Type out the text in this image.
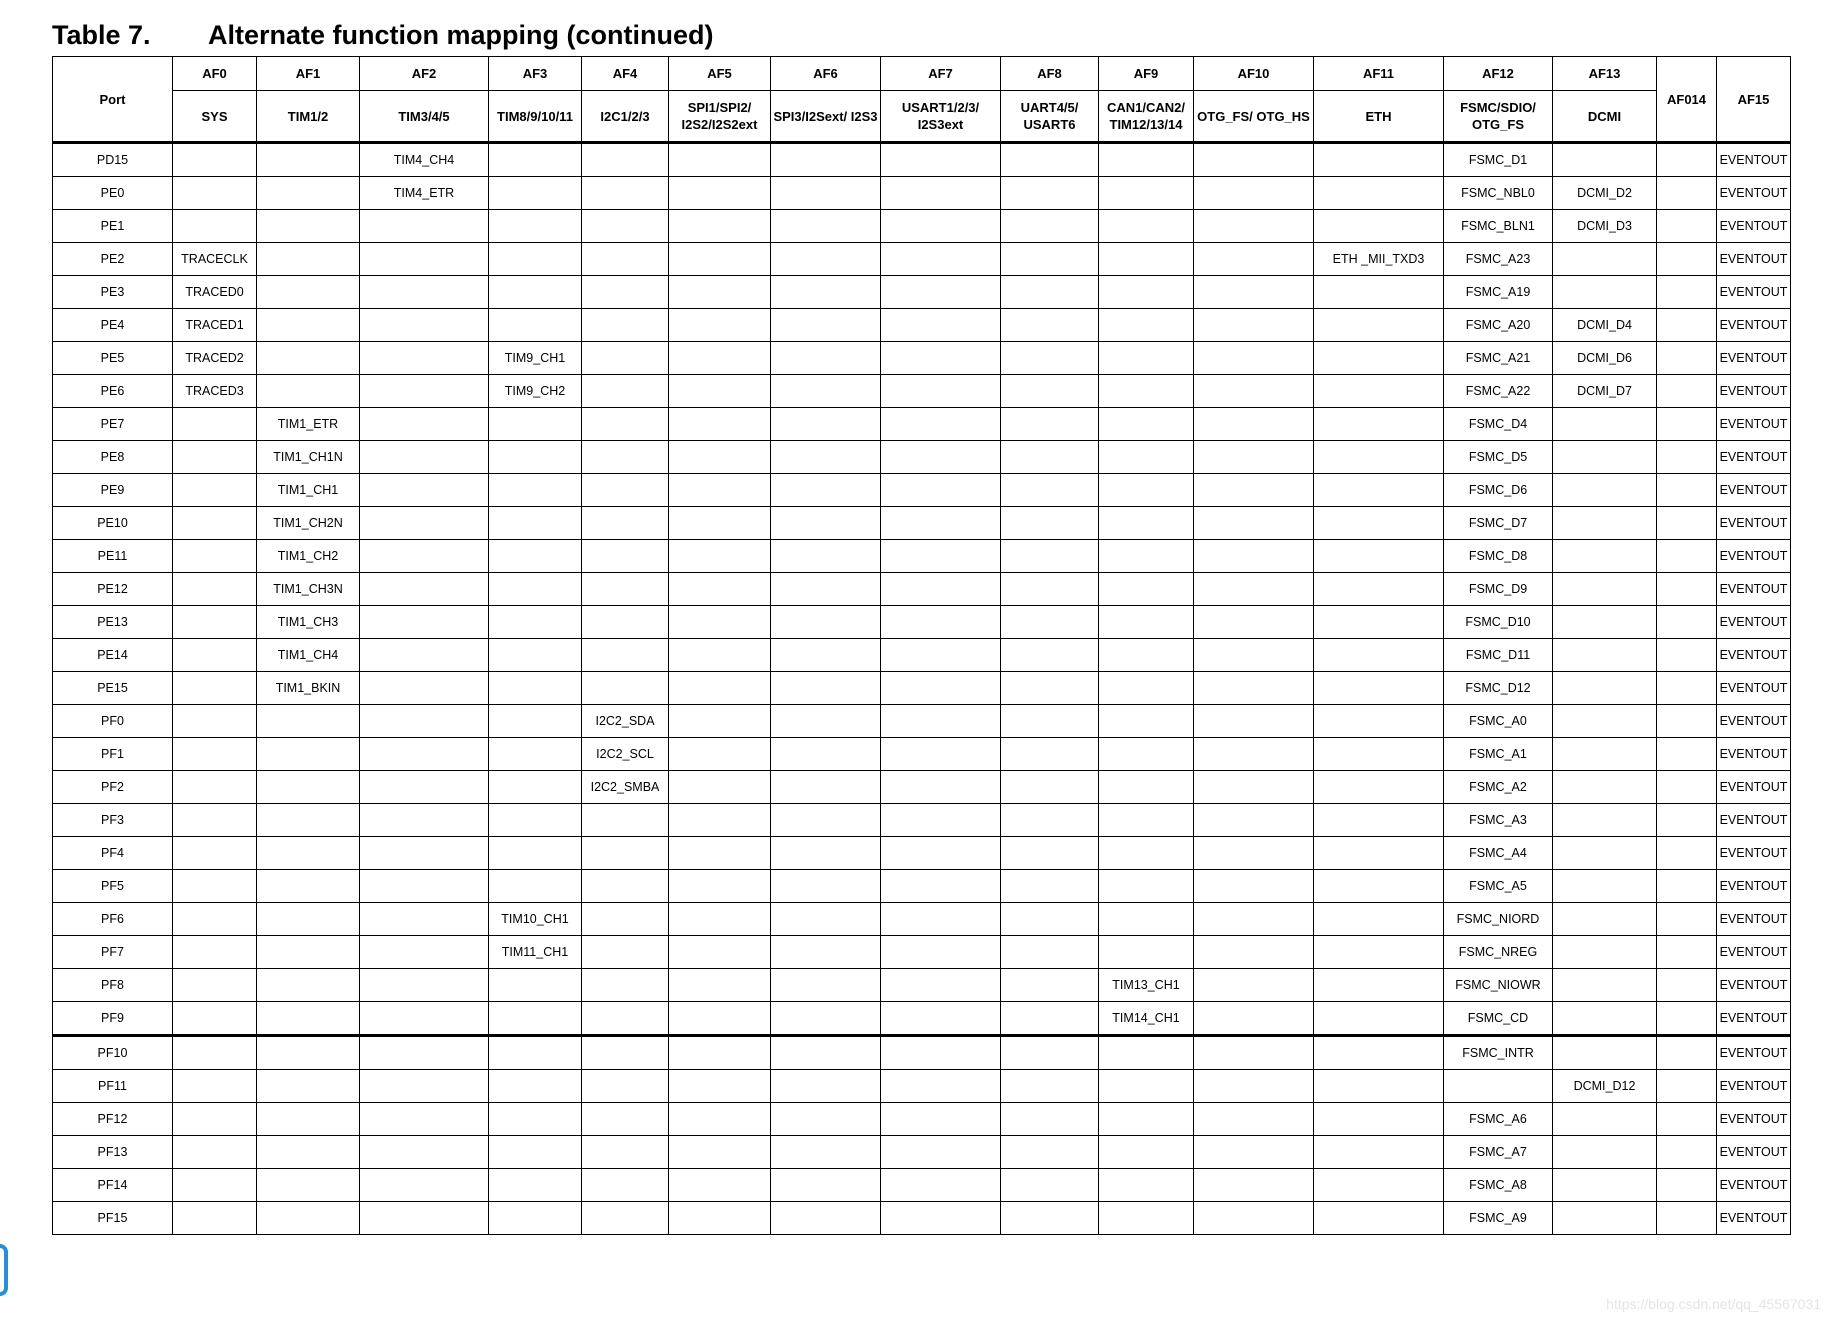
Table 7. Alternate function mapping (continued)
Port	AF0	AF1	AF2	AF3	AF4	AF5	AF6	AF7	AF8	AF9	AF10	AF11	AF12	AF13	AF014	AF15
	SYS	TIM1/2	TIM3/4/5	TIM8/9/10/11	I2C1/2/3	SPI1/SPI2/ I2S2/I2S2ext	SPI3/I2Sext/ I2S3	USART1/2/3/ I2S3ext	UART4/5/ USART6	CAN1/CAN2/ TIM12/13/14	OTG_FS/ OTG_HS	ETH	FSMC/SDIO/ OTG_FS	DCMI		
PD15			TIM4_CH4										FSMC_D1			EVENTOUT
PE0			TIM4_ETR										FSMC_NBL0	DCMI_D2		EVENTOUT
PE1													FSMC_BLN1	DCMI_D3		EVENTOUT
PE2	TRACECLK											ETH _MII_TXD3	FSMC_A23			EVENTOUT
PE3	TRACED0												FSMC_A19			EVENTOUT
PE4	TRACED1												FSMC_A20	DCMI_D4		EVENTOUT
PE5	TRACED2			TIM9_CH1									FSMC_A21	DCMI_D6		EVENTOUT
PE6	TRACED3			TIM9_CH2									FSMC_A22	DCMI_D7		EVENTOUT
PE7		TIM1_ETR											FSMC_D4			EVENTOUT
PE8		TIM1_CH1N											FSMC_D5			EVENTOUT
PE9		TIM1_CH1											FSMC_D6			EVENTOUT
PE10		TIM1_CH2N											FSMC_D7			EVENTOUT
PE11		TIM1_CH2											FSMC_D8			EVENTOUT
PE12		TIM1_CH3N											FSMC_D9			EVENTOUT
PE13		TIM1_CH3											FSMC_D10			EVENTOUT
PE14		TIM1_CH4											FSMC_D11			EVENTOUT
PE15		TIM1_BKIN											FSMC_D12			EVENTOUT
PF0					I2C2_SDA								FSMC_A0			EVENTOUT
PF1					I2C2_SCL								FSMC_A1			EVENTOUT
PF2					I2C2_SMBA								FSMC_A2			EVENTOUT
PF3													FSMC_A3			EVENTOUT
PF4													FSMC_A4			EVENTOUT
PF5													FSMC_A5			EVENTOUT
PF6				TIM10_CH1									FSMC_NIORD			EVENTOUT
PF7				TIM11_CH1									FSMC_NREG			EVENTOUT
PF8										TIM13_CH1			FSMC_NIOWR			EVENTOUT
PF9										TIM14_CH1			FSMC_CD			EVENTOUT
PF10													FSMC_INTR			EVENTOUT
PF11														DCMI_D12		EVENTOUT
PF12													FSMC_A6			EVENTOUT
PF13													FSMC_A7			EVENTOUT
PF14													FSMC_A8			EVENTOUT
PF15													FSMC_A9			EVENTOUT
https://blog.csdn.net/qq_45567031
